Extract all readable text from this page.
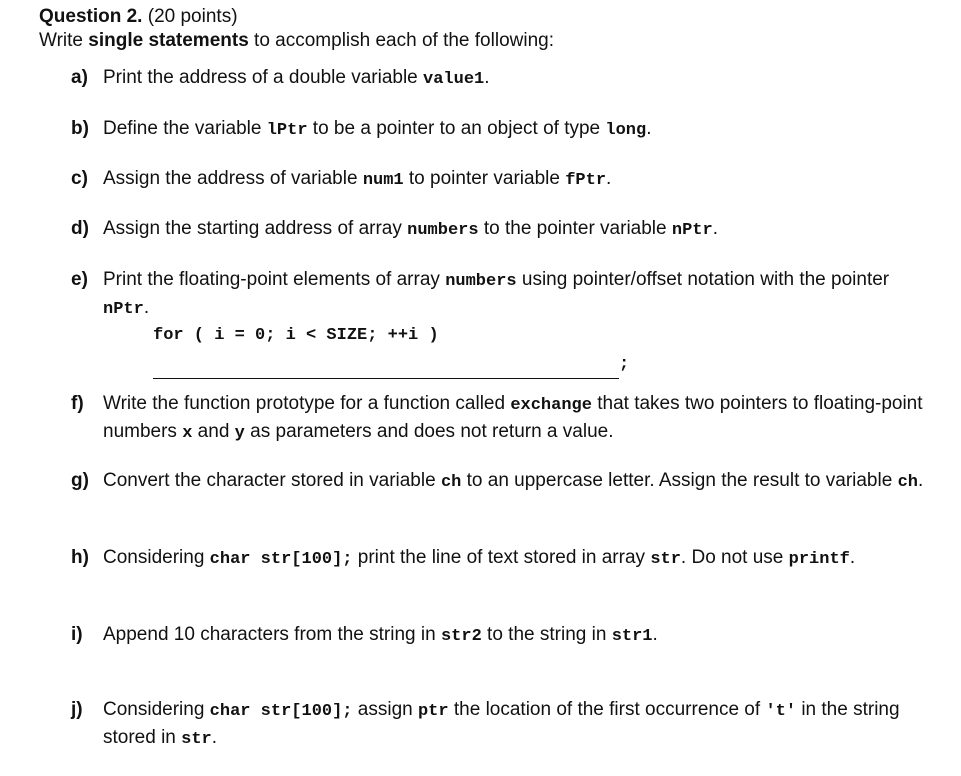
Question 2. (20 points)

Write single statements to accomplish each of the following:

a) Print the address of a double variable value1.
b) Define the variable lPtr to be a pointer to an object of type long.
c) Assign the address of variable num1 to pointer variable fPtr.
d) Assign the starting address of array numbers to the pointer variable nPtr.
e) Print the floating-point elements of array numbers using pointer/offset notation with the pointer nPtr.
for ( i = 0; i < SIZE; ++i )
;
f)	Write the function prototype for a function called exchange that takes two pointers to floating-point numbers x and y as parameters and does not return a value.
g) Convert the character stored in variable ch to an uppercase letter. Assign the result to variable ch.
h) Considering char str[100]; print the line of text stored in array str. Do not use printf.
i)	Append 10 characters from the string in str2 to the string in str1.
j)	Considering char str[100]; assign ptr the location of the first occurrence of 't' in the string stored in str.
